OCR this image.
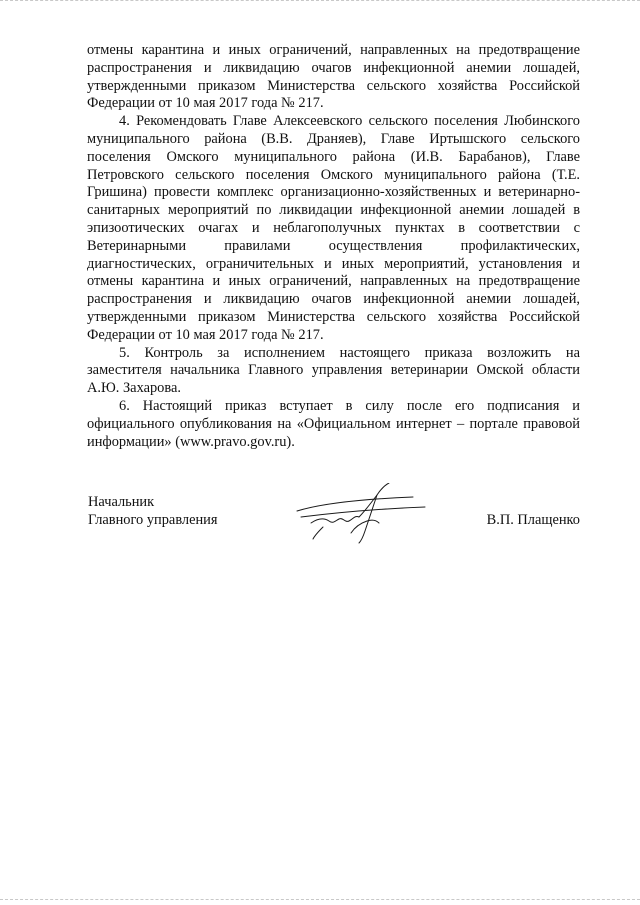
отмены карантина и иных ограничений, направленных на предотвращение распространения и ликвидацию очагов инфекционной анемии лошадей, утвержденными приказом Министерства сельского хозяйства Российской Федерации от 10 мая 2017 года № 217.

4. Рекомендовать Главе Алексеевского сельского поселения Любинского муниципального района (В.В. Драняев), Главе Иртышского сельского поселения Омского муниципального района (И.В. Барабанов), Главе Петровского сельского поселения Омского муниципального района (Т.Е. Гришина) провести комплекс организационно-хозяйственных и ветеринарно-санитарных мероприятий по ликвидации инфекционной анемии лошадей в эпизоотических очагах и неблагополучных пунктах в соответствии с Ветеринарными правилами осуществления профилактических, диагностических, ограничительных и иных мероприятий, установления и отмены карантина и иных ограничений, направленных на предотвращение распространения и ликвидацию очагов инфекционной анемии лошадей, утвержденными приказом Министерства сельского хозяйства Российской Федерации от 10 мая 2017 года № 217.

5. Контроль за исполнением настоящего приказа возложить на заместителя начальника Главного управления ветеринарии Омской области А.Ю. Захарова.

6. Настоящий приказ вступает в силу после его подписания и официального опубликования на «Официальном интернет – портале правовой информации» (www.pravo.gov.ru).

Начальник
Главного управления	В.П. Плащенко
